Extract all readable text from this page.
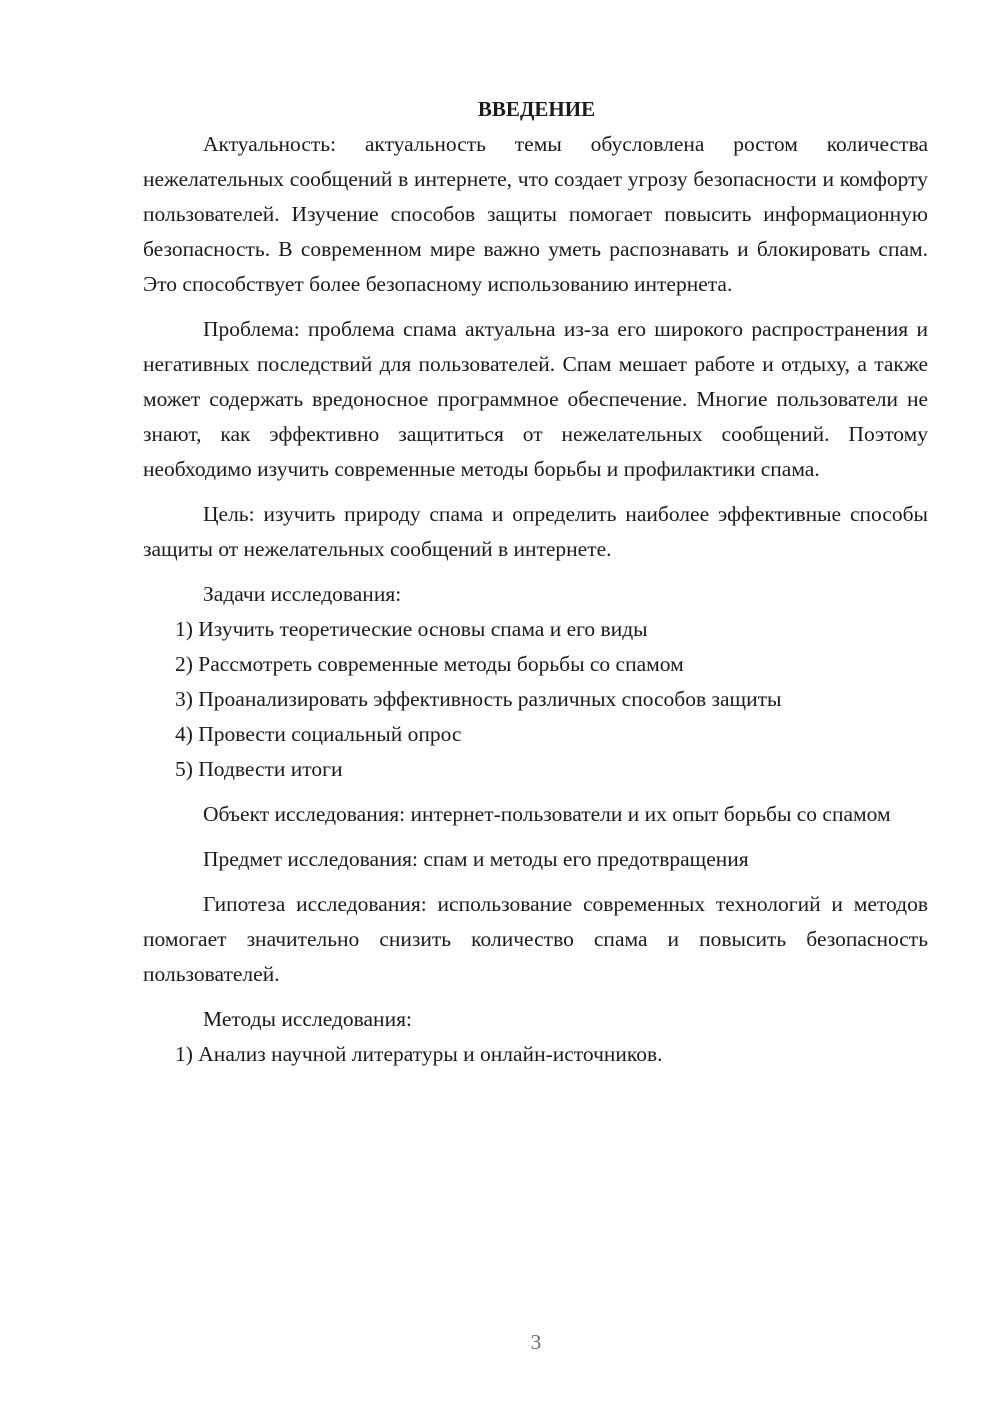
ВВЕДЕНИЕ

Актуальность: актуальность темы обусловлена ростом количества нежелательных сообщений в интернете, что создает угрозу безопасности и комфорту пользователей. Изучение способов защиты помогает повысить информационную безопасность. В современном мире важно уметь распознавать и блокировать спам. Это способствует более безопасному использованию интернета.

Проблема: проблема спама актуальна из-за его широкого распространения и негативных последствий для пользователей. Спам мешает работе и отдыху, а также может содержать вредоносное программное обеспечение. Многие пользователи не знают, как эффективно защититься от нежелательных сообщений. Поэтому необходимо изучить современные методы борьбы и профилактики спама.

Цель: изучить природу спама и определить наиболее эффективные способы защиты от нежелательных сообщений в интернете.

Задачи исследования:

1) Изучить теоретические основы спама и его виды

2) Рассмотреть современные методы борьбы со спамом

3) Проанализировать эффективность различных способов защиты

4) Провести социальный опрос

5) Подвести итоги

Объект исследования: интернет-пользователи и их опыт борьбы со спамом

Предмет исследования: спам и методы его предотвращения

Гипотеза исследования: использование современных технологий и методов помогает значительно снизить количество спама и повысить безопасность пользователей.

Методы исследования:

1) Анализ научной литературы и онлайн-источников.

3
